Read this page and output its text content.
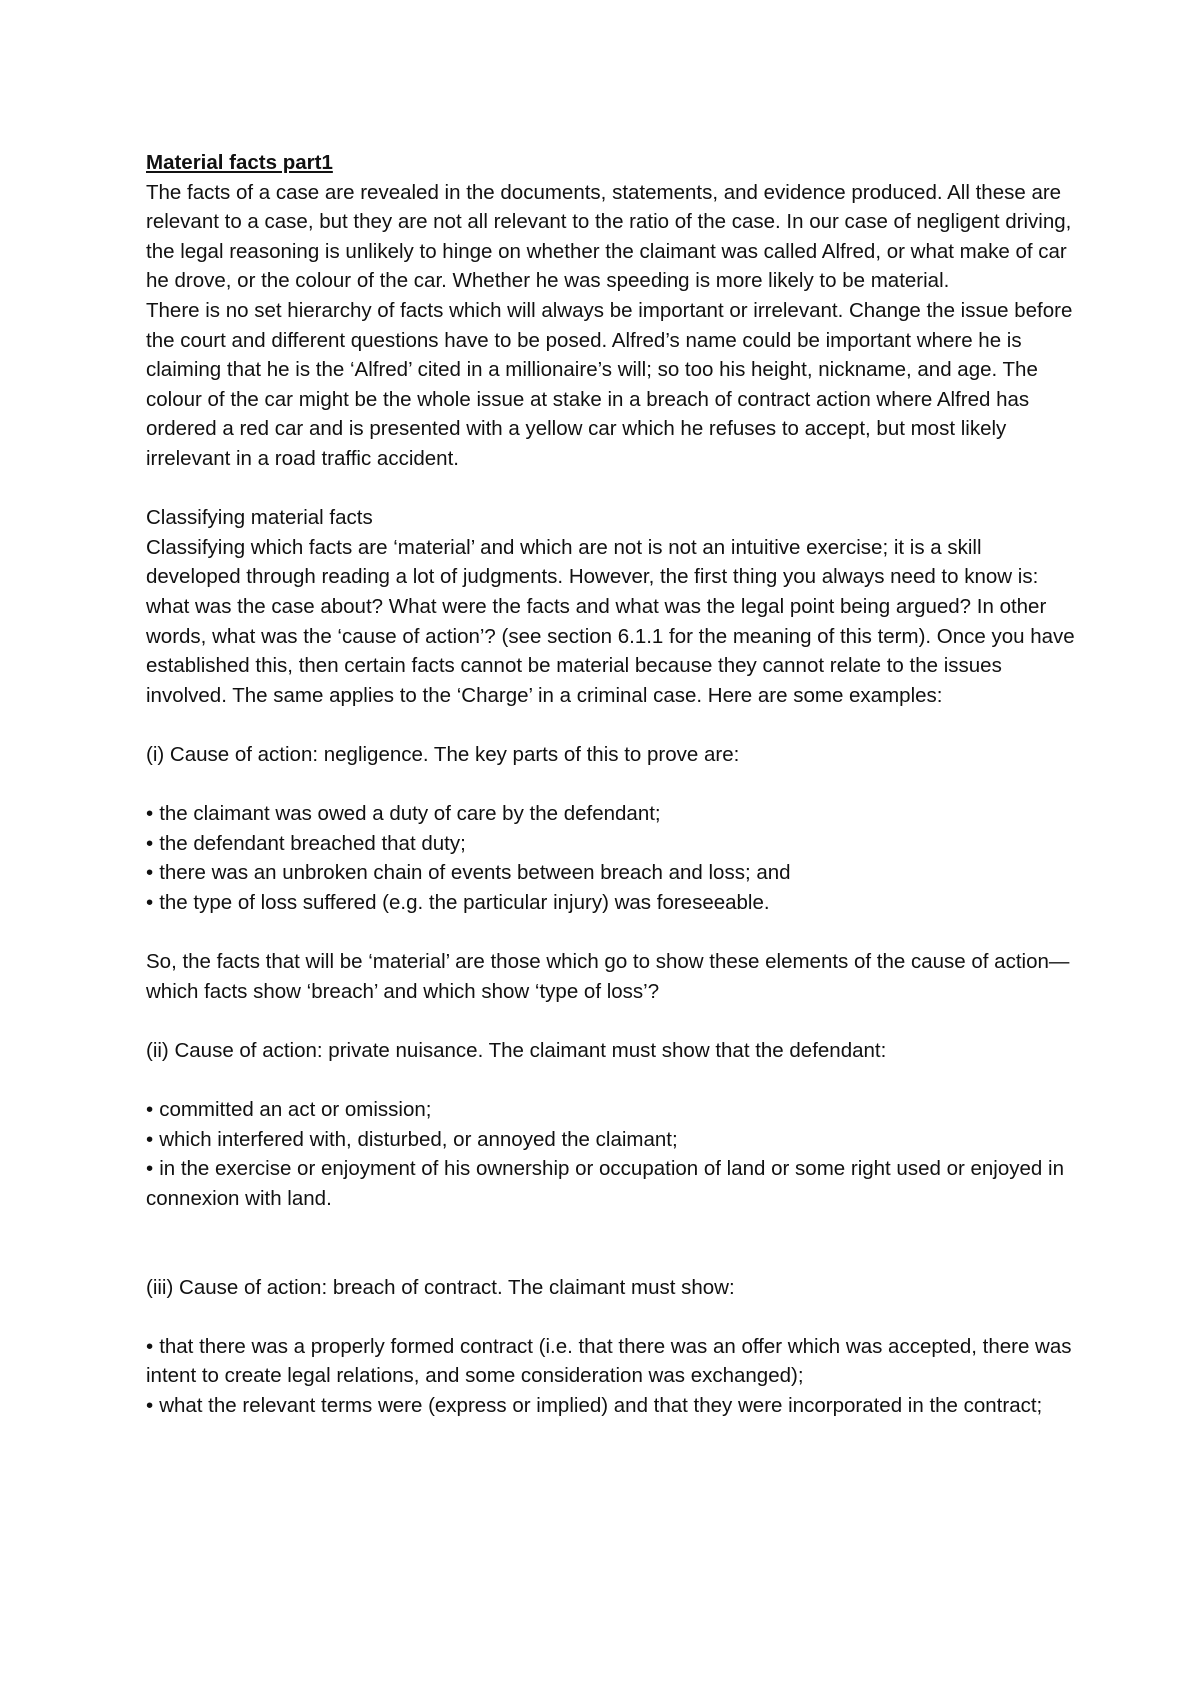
Material facts part1

The facts of a case are revealed in the documents, statements, and evidence produced. All these are relevant to a case, but they are not all relevant to the ratio of the case. In our case of negligent driving, the legal reasoning is unlikely to hinge on whether the claimant was called Alfred, or what make of car he drove, or the colour of the car. Whether he was speeding is more likely to be material.

There is no set hierarchy of facts which will always be important or irrelevant. Change the issue before the court and different questions have to be posed. Alfred’s name could be important where he is claiming that he is the ‘Alfred’ cited in a millionaire’s will; so too his height, nickname, and age. The colour of the car might be the whole issue at stake in a breach of contract action where Alfred has ordered a red car and is presented with a yellow car which he refuses to accept, but most likely irrelevant in a road traffic accident.

Classifying material facts

Classifying which facts are ‘material’ and which are not is not an intuitive exercise; it is a skill developed through reading a lot of judgments. However, the first thing you always need to know is: what was the case about? What were the facts and what was the legal point being argued? In other words, what was the ‘cause of action’? (see section 6.1.1 for the meaning of this term). Once you have established this, then certain facts cannot be material because they cannot relate to the issues involved. The same applies to the ‘Charge’ in a criminal case. Here are some examples:

(i) Cause of action: negligence. The key parts of this to prove are:

• the claimant was owed a duty of care by the defendant;
• the defendant breached that duty;
• there was an unbroken chain of events between breach and loss; and
• the type of loss suffered (e.g. the particular injury) was foreseeable.

So, the facts that will be ‘material’ are those which go to show these elements of the cause of action—which facts show ‘breach’ and which show ‘type of loss’?

(ii) Cause of action: private nuisance. The claimant must show that the defendant:

• committed an act or omission;
• which interfered with, disturbed, or annoyed the claimant;
• in the exercise or enjoyment of his ownership or occupation of land or some right used or enjoyed in connexion with land.

(iii) Cause of action: breach of contract. The claimant must show:

• that there was a properly formed contract (i.e. that there was an offer which was accepted, there was intent to create legal relations, and some consideration was exchanged);
• what the relevant terms were (express or implied) and that they were incorporated in the contract;
